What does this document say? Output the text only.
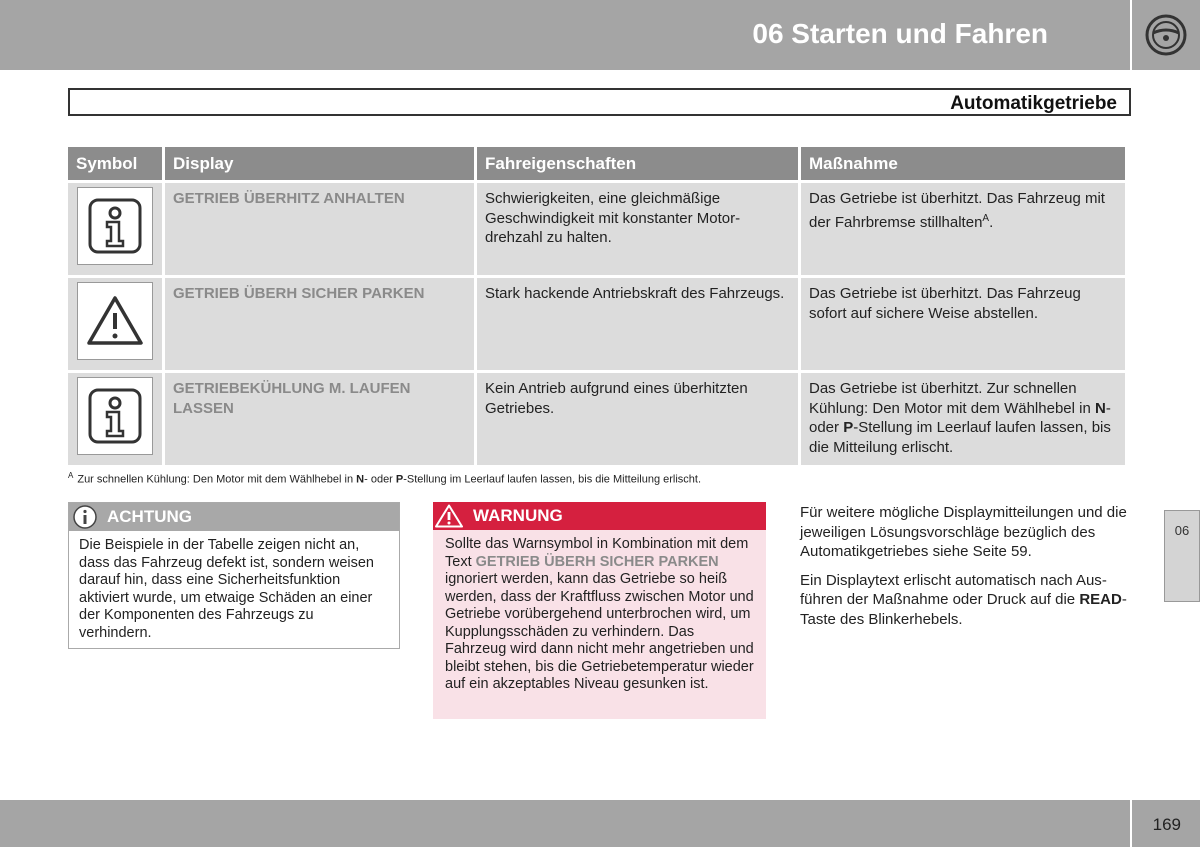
06 Starten und Fahren
Automatikgetriebe
Symbol	Display	Fahreigenschaften	Maßnahme

	GETRIEB ÜBERHITZ ANHALTEN	Schwierigkeiten, eine gleichmäßige Geschwindigkeit mit konstanter Motordrehzahl zu halten.	Das Getriebe ist überhitzt. Das Fahrzeug mit der Fahrbremse stillhalten$^A$.

	GETRIEB ÜBERH SICHER PARKEN	Stark hackende Antriebskraft des Fahrzeugs.	Das Getriebe ist überhitzt. Das Fahrzeug sofort auf sichere Weise abstellen.

	GETRIEBEKÜHLUNG M. LAUFEN LASSEN	Kein Antrieb aufgrund eines überhitzten Getriebes.	Das Getriebe ist überhitzt. Zur schnellen Kühlung: Den Motor mit dem Wählhebel in N- oder P-Stellung im Leerlauf laufen lassen, bis die Mitteilung erlischt.
$^A$ Zur schnellen Kühlung: Den Motor mit dem Wählhebel in N- oder P-Stellung im Leerlauf laufen lassen, bis die Mitteilung erlischt.
ACHTUNG
Die Beispiele in der Tabelle zeigen nicht an, dass das Fahrzeug defekt ist, sondern weisen darauf hin, dass eine Sicherheitsfunktion aktiviert wurde, um etwaige Schäden an einer der Komponenten des Fahrzeugs zu verhindern.
WARNUNG
Sollte das Warnsymbol in Kombination mit dem Text GETRIEB ÜBERH SICHER PARKEN ignoriert werden, kann das Getriebe so heiß werden, dass der Kraftfluss zwischen Motor und Getriebe vorübergehend unterbrochen wird, um Kupplungsschäden zu verhindern. Das Fahrzeug wird dann nicht mehr angetrieben und bleibt stehen, bis die Getriebetemperatur wieder auf ein akzeptables Niveau gesunken ist.

Für weitere mögliche Displaymitteilungen und die jeweiligen Lösungsvorschläge bezüglich des Automatikgetriebes siehe Seite 59.

Ein Displaytext erlischt automatisch nach Ausführen der Maßnahme oder Druck auf die READ-Taste des Blinkerhebels.

06
169
